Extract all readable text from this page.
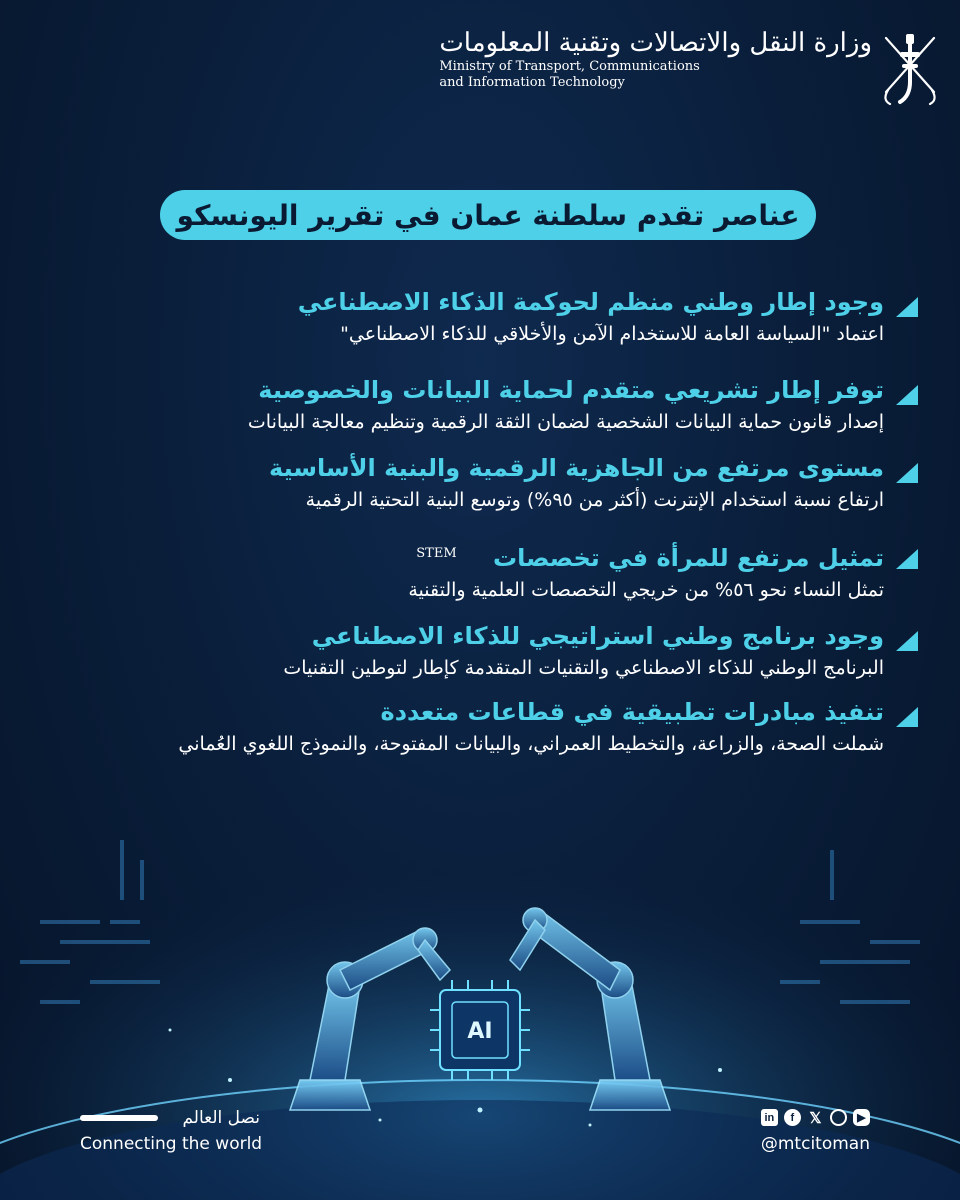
وزارة النقل والاتصالات وتقنية المعلومات
Ministry of Transport, Communications
and Information Technology
عناصر تقدم سلطنة عمان في تقرير اليونسكو
وجود إطار وطني منظم لحوكمة الذكاء الاصطناعي
اعتماد "السياسة العامة للاستخدام الآمن والأخلاقي للذكاء الاصطناعي"
توفر إطار تشريعي متقدم لحماية البيانات والخصوصية
إصدار قانون حماية البيانات الشخصية لضمان الثقة الرقمية وتنظيم معالجة البيانات
مستوى مرتفع من الجاهزية الرقمية والبنية الأساسية
ارتفاع نسبة استخدام الإنترنت (أكثر من ٩٥%) وتوسع البنية التحتية الرقمية
تمثيل مرتفع للمرأة في تخصصات $^{STEM}$
تمثل النساء نحو ٥٦% من خريجي التخصصات العلمية والتقنية
وجود برنامج وطني استراتيجي للذكاء الاصطناعي
البرنامج الوطني للذكاء الاصطناعي والتقنيات المتقدمة كإطار لتوطين التقنيات
تنفيذ مبادرات تطبيقية في قطاعات متعددة
شملت الصحة، والزراعة، والتخطيط العمراني، والبيانات المفتوحة، والنموذج اللغوي العُماني
AI
نصل العالم
Connecting the world
in	f	𝕏	▶
@mtcitoman
